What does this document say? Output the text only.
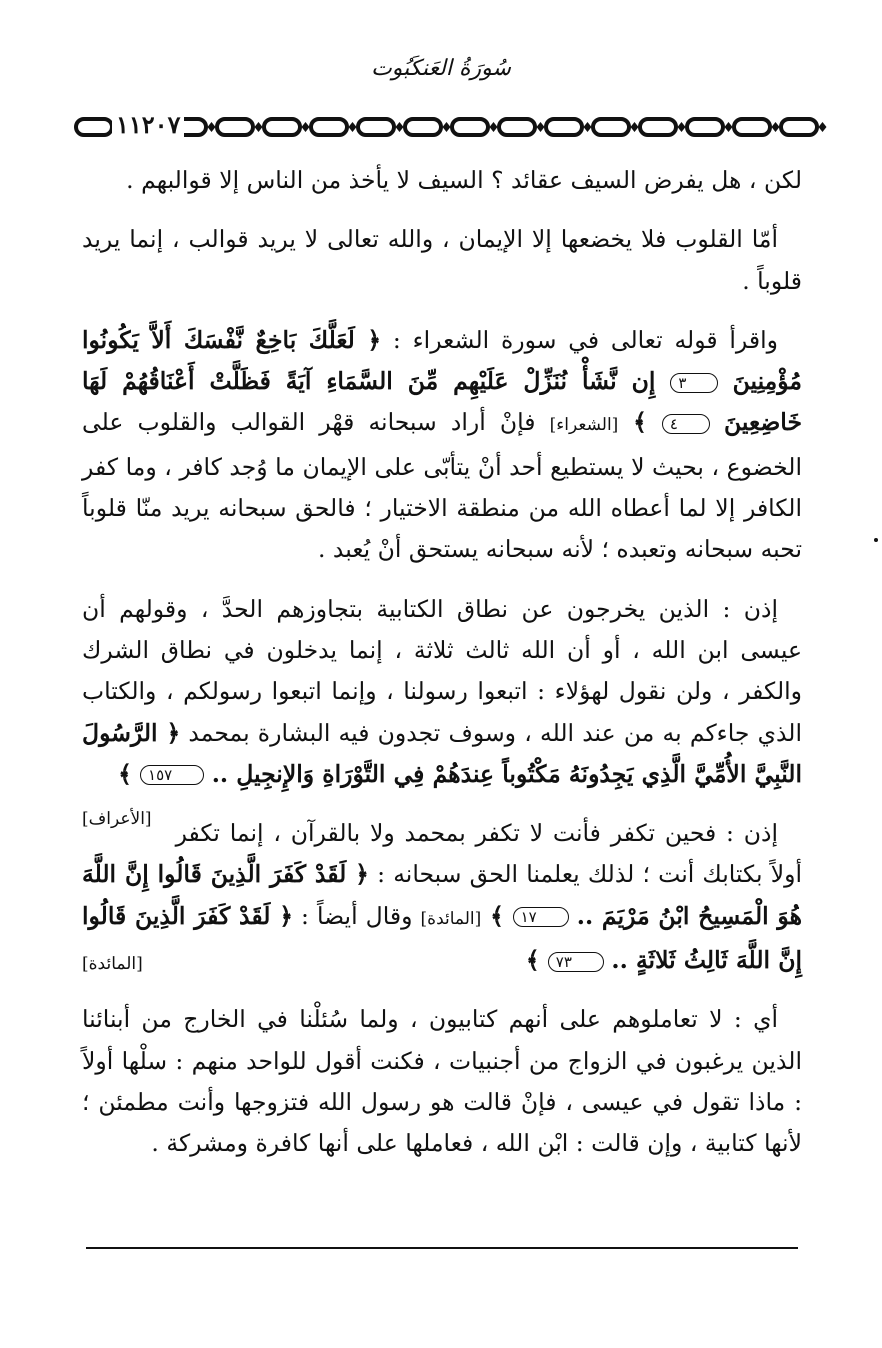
سُورَةُ العَنكَبُوت
١١٢٠٧

لكن ، هل يفرض السيف عقائد ؟ السيف لا يأخذ من الناس إلا قوالبهم .

أمّا القلوب فلا يخضعها إلا الإيمان ، والله تعالى لا يريد قوالب ، إنما يريد قلوباً .

واقرأ قوله تعالى في سورة الشعراء : ﴿ لَعَلَّكَ بَاخِعٌ نَّفْسَكَ أَلاَّ يَكُونُوا مُؤْمِنِينَ ٣ إِن نَّشَأْ نُنَزِّلْ عَلَيْهِم مِّنَ السَّمَاءِ آيَةً فَظَلَّتْ أَعْنَاقُهُمْ لَهَا خَاضِعِينَ ٤ ﴾ [الشعراء] فإنْ أراد سبحانه قهْر القوالب والقلوب على الخضوع ، بحيث لا يستطيع أحد أنْ يتأبّى على الإيمان ما وُجد كافر ، وما كفر الكافر إلا لما أعطاه الله من منطقة الاختيار ؛ فالحق سبحانه يريد منّا قلوباً تحبه سبحانه وتعبده ؛ لأنه سبحانه يستحق أنْ يُعبد .

إذن : الذين يخرجون عن نطاق الكتابية بتجاوزهم الحدَّ ، وقولهم أن عيسى ابن الله ، أو أن الله ثالث ثلاثة ، إنما يدخلون في نطاق الشرك والكفر ، ولن نقول لهؤلاء : اتبعوا رسولنا ، وإنما اتبعوا رسولكم ، والكتاب الذي جاءكم به من عند الله ، وسوف تجدون فيه البشارة بمحمد ﴿ الرَّسُولَ النَّبِيَّ الأُمِّيَّ الَّذِي يَجِدُونَهُ مَكْتُوباً عِندَهُمْ فِي التَّوْرَاةِ وَالإِنجِيلِ .. ١٥٧ ﴾
[الأعراف]	إذن : فحين تكفر فأنت لا تكفر بمحمد ولا بالقرآن ، إنما تكفر أولاً بكتابك أنت ؛ لذلك يعلمنا الحق سبحانه : ﴿ لَقَدْ كَفَرَ الَّذِينَ قَالُوا إِنَّ اللَّهَ هُوَ الْمَسِيحُ ابْنُ مَرْيَمَ .. ١٧ ﴾ [المائدة] وقال أيضاً : ﴿ لَقَدْ كَفَرَ الَّذِينَ قَالُوا إِنَّ اللَّهَ ثَالِثُ ثَلاثَةٍ .. ٧٣ ﴾
[المائدة]

أي : لا تعاملوهم على أنهم كتابيون ، ولما سُئلْنا في الخارج من أبنائنا الذين يرغبون في الزواج من أجنبيات ، فكنت أقول للواحد منهم : سلْها أولاً : ماذا تقول في عيسى ، فإنْ قالت هو رسول الله فتزوجها وأنت مطمئن ؛ لأنها كتابية ، وإن قالت : ابْن الله ، فعاملها على أنها كافرة ومشركة .
